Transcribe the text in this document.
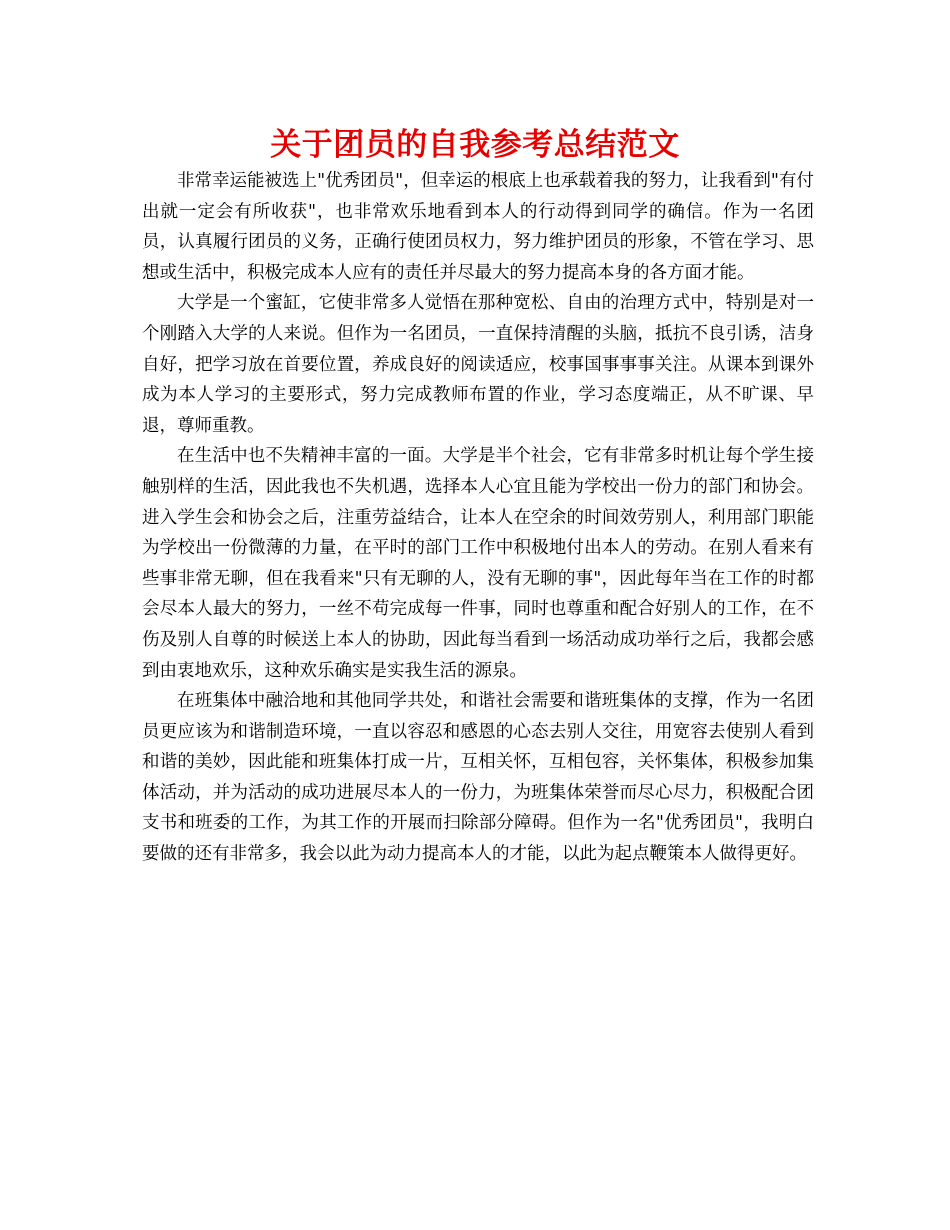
关于团员的自我参考总结范文

非常幸运能被选上"优秀团员"，但幸运的根底上也承载着我的努力，让我看到"有付出就一定会有所收获"，也非常欢乐地看到本人的行动得到同学的确信。作为一名团员，认真履行团员的义务，正确行使团员权力，努力维护团员的形象，不管在学习、思想或生活中，积极完成本人应有的责任并尽最大的努力提高本身的各方面才能。

大学是一个蜜缸，它使非常多人觉悟在那种宽松、自由的治理方式中，特别是对一个刚踏入大学的人来说。但作为一名团员，一直保持清醒的头脑，抵抗不良引诱，洁身自好，把学习放在首要位置，养成良好的阅读适应，校事国事事事关注。从课本到课外成为本人学习的主要形式，努力完成教师布置的作业，学习态度端正，从不旷课、早退，尊师重教。

在生活中也不失精神丰富的一面。大学是半个社会，它有非常多时机让每个学生接触别样的生活，因此我也不失机遇，选择本人心宜且能为学校出一份力的部门和协会。进入学生会和协会之后，注重劳益结合，让本人在空余的时间效劳别人，利用部门职能为学校出一份微薄的力量，在平时的部门工作中积极地付出本人的劳动。在别人看来有些事非常无聊，但在我看来"只有无聊的人，没有无聊的事"，因此每年当在工作的时都会尽本人最大的努力，一丝不苟完成每一件事，同时也尊重和配合好别人的工作，在不伤及别人自尊的时候送上本人的协助，因此每当看到一场活动成功举行之后，我都会感到由衷地欢乐，这种欢乐确实是实我生活的源泉。

在班集体中融洽地和其他同学共处，和谐社会需要和谐班集体的支撑，作为一名团员更应该为和谐制造环境，一直以容忍和感恩的心态去别人交往，用宽容去使别人看到和谐的美妙，因此能和班集体打成一片，互相关怀，互相包容，关怀集体，积极参加集体活动，并为活动的成功进展尽本人的一份力，为班集体荣誉而尽心尽力，积极配合团支书和班委的工作，为其工作的开展而扫除部分障碍。但作为一名"优秀团员"，我明白要做的还有非常多，我会以此为动力提高本人的才能，以此为起点鞭策本人做得更好。
